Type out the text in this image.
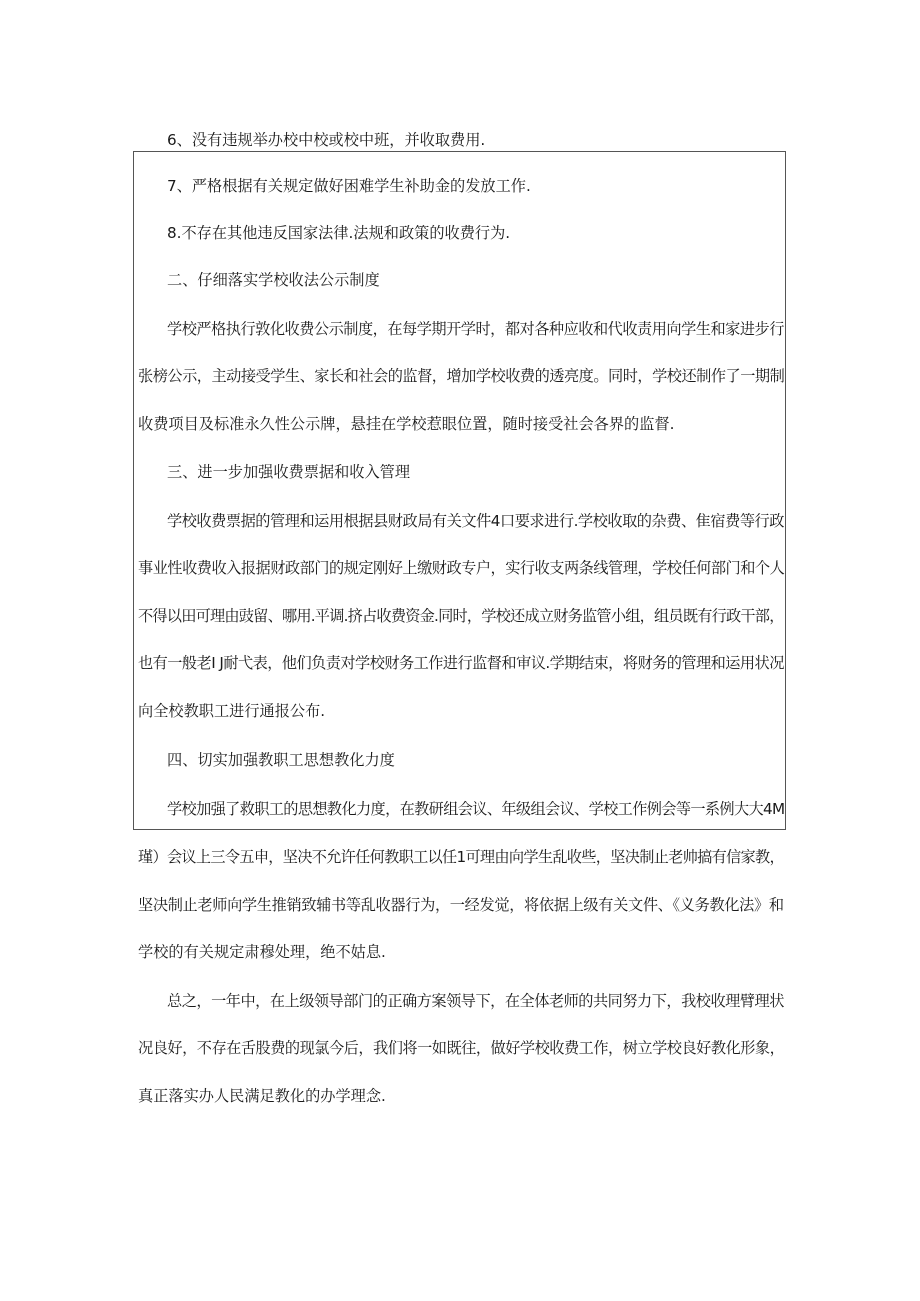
6、没有违规举办校中校或校中班，并收取费用.

7、严格根据有关规定做好困难学生补助金的发放工作.

8.不存在其他违反国家法律.法规和政策的收费行为.

二、仔细落实学校收法公示制度

学校严格执行敦化收费公示制度，在每学期开学时，都对各种应收和代收责用向学生和家进步行

张榜公示，主动接受学生、家长和社会的监督，增加学校收费的透亮度。同时，学校还制作了一期制

收费项目及标准永久性公示牌，悬挂在学校惹眼位置，随时接受社会各界的监督.

三、进一步加强收费票据和收入管理

学校收费票据的管理和运用根据县财政局有关文件4口要求进行.学校收取的杂费、隹宿费等行政

事业性收费收入报据财政部门的规定刚好上缴财政专户，实行收支两条线管理，学校任何部门和个人

不得以田可理由豉留、哪用.平调.挤占收费资金.同时，学校还成立财务监管小组，组员既有行政干部，

也有一般老I J耐弋表，他们负责对学校财务工作进行监督和审议.学期结束，将财务的管理和运用状况

向全校教职工进行通报公布.

四、切实加强教职工思想教化力度

学校加强了救职工的思想教化力度，在教研组会议、年级组会议、学校工作例会等一系例大大4M

瑾）会议上三令五申，坚决不允许任何教职工以任1可理由向学生乱收些，坚决制止老帅搞有信家教，

坚决制止老师向学生推销致辅书等乱收器行为，一经发觉，将依据上级有关文件、《义务教化法》和

学校的有关规定肃穆处理，绝不姑息.

总之，一年中，在上级领导部门的正确方案领导下，在全体老师的共同努力下，我校收理臂理状

况良好，不存在舌股费的现氯今后，我们将一如既往，做好学校收费工作，树立学校良好教化形象，

真正落实办人民满足教化的办学理念.
